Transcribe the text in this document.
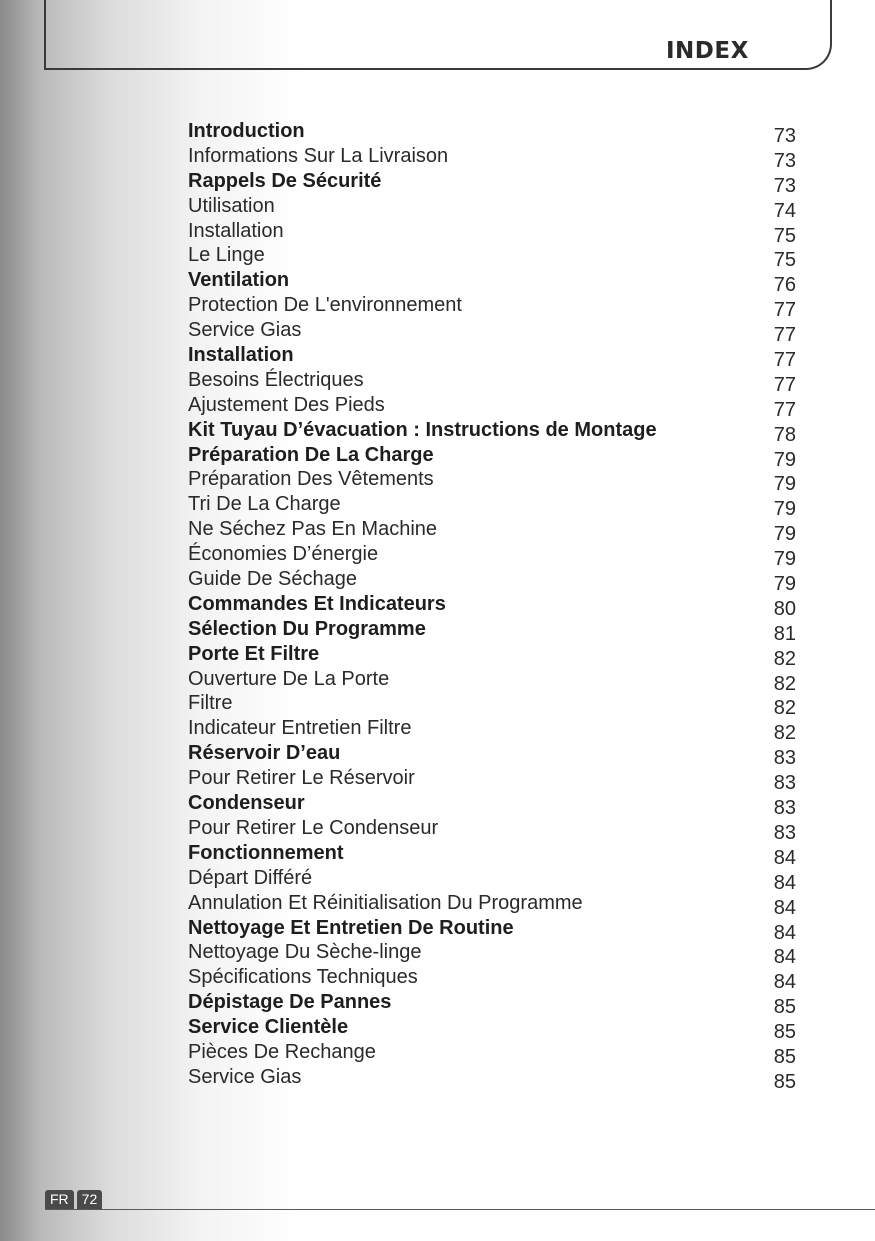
INDEX
Introduction	73
Informations Sur La Livraison	73
Rappels De Sécurité	73
Utilisation	74
Installation	75
Le Linge	75
Ventilation	76
Protection De L'environnement	77
Service Gias	77
Installation	77
Besoins Électriques	77
Ajustement Des Pieds	77
Kit Tuyau D’évacuation : Instructions de Montage	78
Préparation De La Charge	79
Préparation Des Vêtements	79
Tri De La Charge	79
Ne Séchez Pas En Machine	79
Économies D’énergie	79
Guide De Séchage	79
Commandes Et Indicateurs	80
Sélection Du Programme	81
Porte Et Filtre	82
Ouverture De La Porte	82
Filtre	82
Indicateur Entretien Filtre	82
Réservoir D’eau	83
Pour Retirer Le Réservoir	83
Condenseur	83
Pour Retirer Le Condenseur	83
Fonctionnement	84
Départ Différé	84
Annulation Et Réinitialisation Du Programme	84
Nettoyage Et Entretien De Routine	84
Nettoyage Du Sèche-linge	84
Spécifications Techniques	84
Dépistage De Pannes	85
Service Clientèle	85
Pièces De Rechange	85
Service Gias	85
FR 72
